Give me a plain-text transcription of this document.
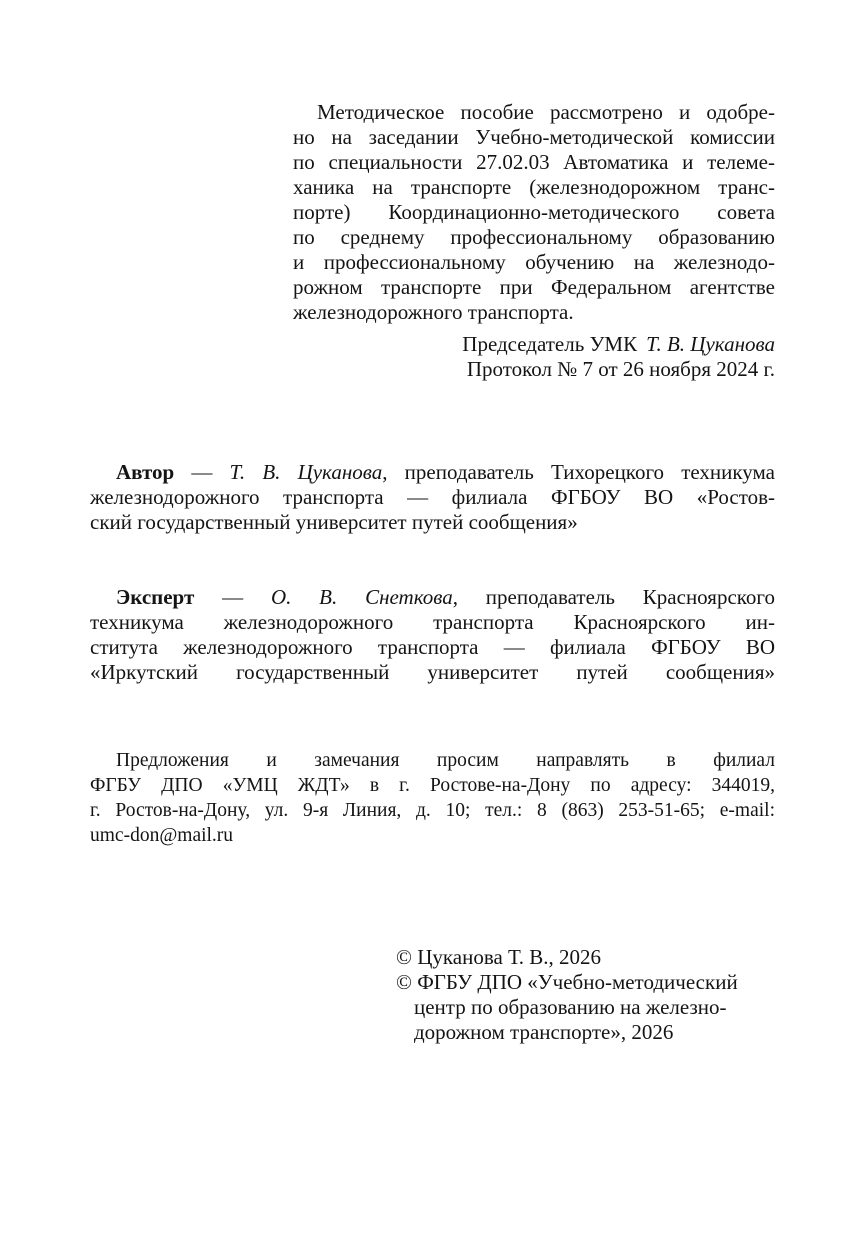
Методическое пособие рассмотрено и одобре-
но на заседании Учебно-методической комиссии
по специальности 27.02.03 Автоматика и телеме-
ханика на транспорте (железнодорожном транс-
порте) Координационно-методического совета
по среднему профессиональному образованию
и профессиональному обучению на железнодо-
рожном транспорте при Федеральном агентстве
железнодорожного транспорта.
Председатель УМК Т. В. Цуканова
Протокол № 7 от 26 ноября 2024 г.
Автор — Т. В. Цуканова, преподаватель Тихорецкого техникума
железнодорожного транспорта — филиала ФГБОУ ВО «Ростов-
ский государственный университет путей сообщения»
Эксперт — О. В. Снеткова, преподаватель Красноярского
техникума железнодорожного транспорта Красноярского ин-
ститута железнодорожного транспорта — филиала ФГБОУ ВО
«Иркутский государственный университет путей сообщения»
Предложения и замечания просим направлять в филиал
ФГБУ ДПО «УМЦ ЖДТ» в г. Ростове-на-Дону по адресу: 344019,
г. Ростов-на-Дону, ул. 9-я Линия, д. 10; тел.: 8 (863) 253-51-65; e-mail:
umc-don@mail.ru
© Цуканова Т. В., 2026
© ФГБУ ДПО «Учебно-методический
центр по образованию на железно-
дорожном транспорте», 2026
